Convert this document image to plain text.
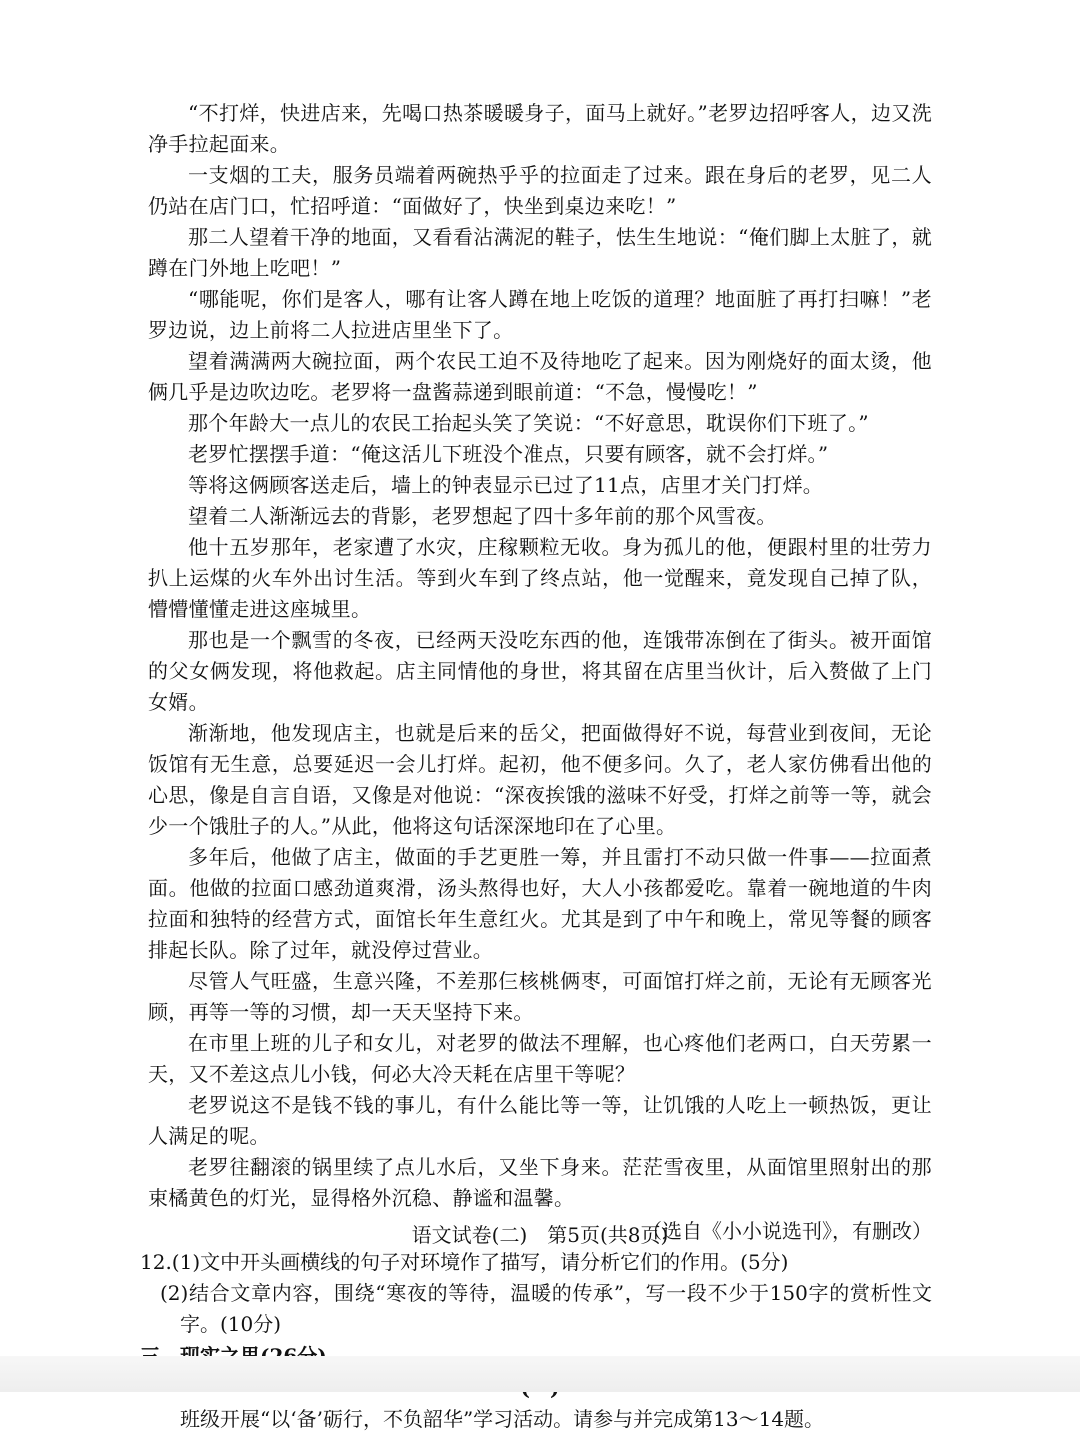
“不打烊，快进店来，先喝口热茶暖暖身子，面马上就好。”老罗边招呼客人，边又洗净手拉起面来。

一支烟的工夫，服务员端着两碗热乎乎的拉面走了过来。跟在身后的老罗，见二人仍站在店门口，忙招呼道：“面做好了，快坐到桌边来吃！”

那二人望着干净的地面，又看看沾满泥的鞋子，怯生生地说：“俺们脚上太脏了，就蹲在门外地上吃吧！”

“哪能呢，你们是客人，哪有让客人蹲在地上吃饭的道理？地面脏了再打扫嘛！”老罗边说，边上前将二人拉进店里坐下了。

望着满满两大碗拉面，两个农民工迫不及待地吃了起来。因为刚烧好的面太烫，他俩几乎是边吹边吃。老罗将一盘酱蒜递到眼前道：“不急，慢慢吃！”

那个年龄大一点儿的农民工抬起头笑了笑说：“不好意思，耽误你们下班了。”

老罗忙摆摆手道：“俺这活儿下班没个准点，只要有顾客，就不会打烊。”

等将这俩顾客送走后，墙上的钟表显示已过了11点，店里才关门打烊。

望着二人渐渐远去的背影，老罗想起了四十多年前的那个风雪夜。

他十五岁那年，老家遭了水灾，庄稼颗粒无收。身为孤儿的他，便跟村里的壮劳力扒上运煤的火车外出讨生活。等到火车到了终点站，他一觉醒来，竟发现自己掉了队，懵懵懂懂走进这座城里。

那也是一个飘雪的冬夜，已经两天没吃东西的他，连饿带冻倒在了街头。被开面馆的父女俩发现，将他救起。店主同情他的身世，将其留在店里当伙计，后入赘做了上门女婿。

渐渐地，他发现店主，也就是后来的岳父，把面做得好不说，每营业到夜间，无论饭馆有无生意，总要延迟一会儿打烊。起初，他不便多问。久了，老人家仿佛看出他的心思，像是自言自语，又像是对他说：“深夜挨饿的滋味不好受，打烊之前等一等，就会少一个饿肚子的人。”从此，他将这句话深深地印在了心里。

多年后，他做了店主，做面的手艺更胜一筹，并且雷打不动只做一件事——拉面煮面。他做的拉面口感劲道爽滑，汤头熬得也好，大人小孩都爱吃。靠着一碗地道的牛肉拉面和独特的经营方式，面馆长年生意红火。尤其是到了中午和晚上，常见等餐的顾客排起长队。除了过年，就没停过营业。

尽管人气旺盛，生意兴隆，不差那仨核桃俩枣，可面馆打烊之前，无论有无顾客光顾，再等一等的习惯，却一天天坚持下来。

在市里上班的儿子和女儿，对老罗的做法不理解，也心疼他们老两口，白天劳累一天，又不差这点儿小钱，何必大冷天耗在店里干等呢？

老罗说这不是钱不钱的事儿，有什么能比等一等，让饥饿的人吃上一顿热饭，更让人满足的呢。

老罗往翻滚的锅里续了点儿水后，又坐下身来。茫茫雪夜里，从面馆里照射出的那束橘黄色的灯光，显得格外沉稳、静谧和温馨。

（选自《小小说选刊》，有删改）

12.(1)文中开头画横线的句子对环境作了描写，请分析它们的作用。(5分)

(2)结合文章内容，围绕“寒夜的等待，温暖的传承”，写一段不少于150字的赏析性文字。(10分)

班级开展“以‘备’砺行，不负韶华”学习活动。请参与并完成第13～14题。

语文试卷(二)　第5页(共8页)
